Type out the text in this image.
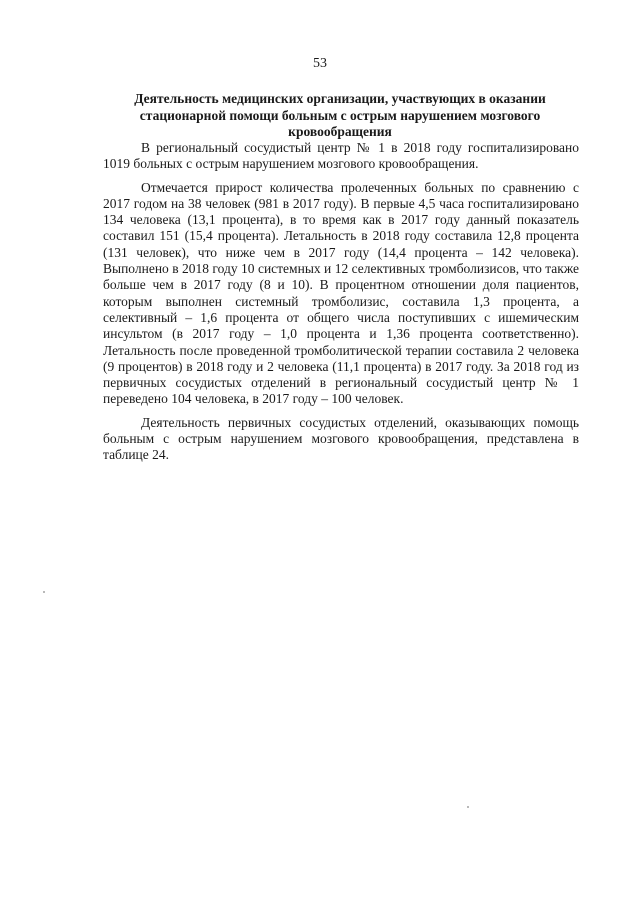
53
Деятельность медицинских организации, участвующих в оказании
стационарной помощи больным с острым нарушением мозгового
кровообращения

В региональный сосудистый центр № 1 в 2018 году госпитализировано 1019 больных с острым нарушением мозгового кровообращения.

Отмечается прирост количества пролеченных больных по сравнению с 2017 годом на 38 человек (981 в 2017 году). В первые 4,5 часа госпитализировано 134 человека (13,1 процента), в то время как в 2017 году данный показатель составил 151 (15,4 процента). Летальность в 2018 году составила 12,8 процента (131 человек), что ниже чем в 2017 году (14,4 процента – 142 человека). Выполнено в 2018 году 10 системных и 12 селективных тромболизисов, что также больше чем в 2017 году (8 и 10). В процентном отношении доля пациентов, которым выполнен системный тромболизис, составила 1,3 процента, а селективный – 1,6 процента от общего числа поступивших с ишемическим инсультом (в 2017 году – 1,0 процента и 1,36 процента соответственно). Летальность после проведенной тромболитической терапии составила 2 человека (9 процентов) в 2018 году и 2 человека (11,1 процента) в 2017 году. За 2018 год из первичных сосудистых отделений в региональный сосудистый центр № 1 переведено 104 человека, в 2017 году – 100 человек.

Деятельность первичных сосудистых отделений, оказывающих помощь больным с острым нарушением мозгового кровообращения, представлена в таблице 24.
